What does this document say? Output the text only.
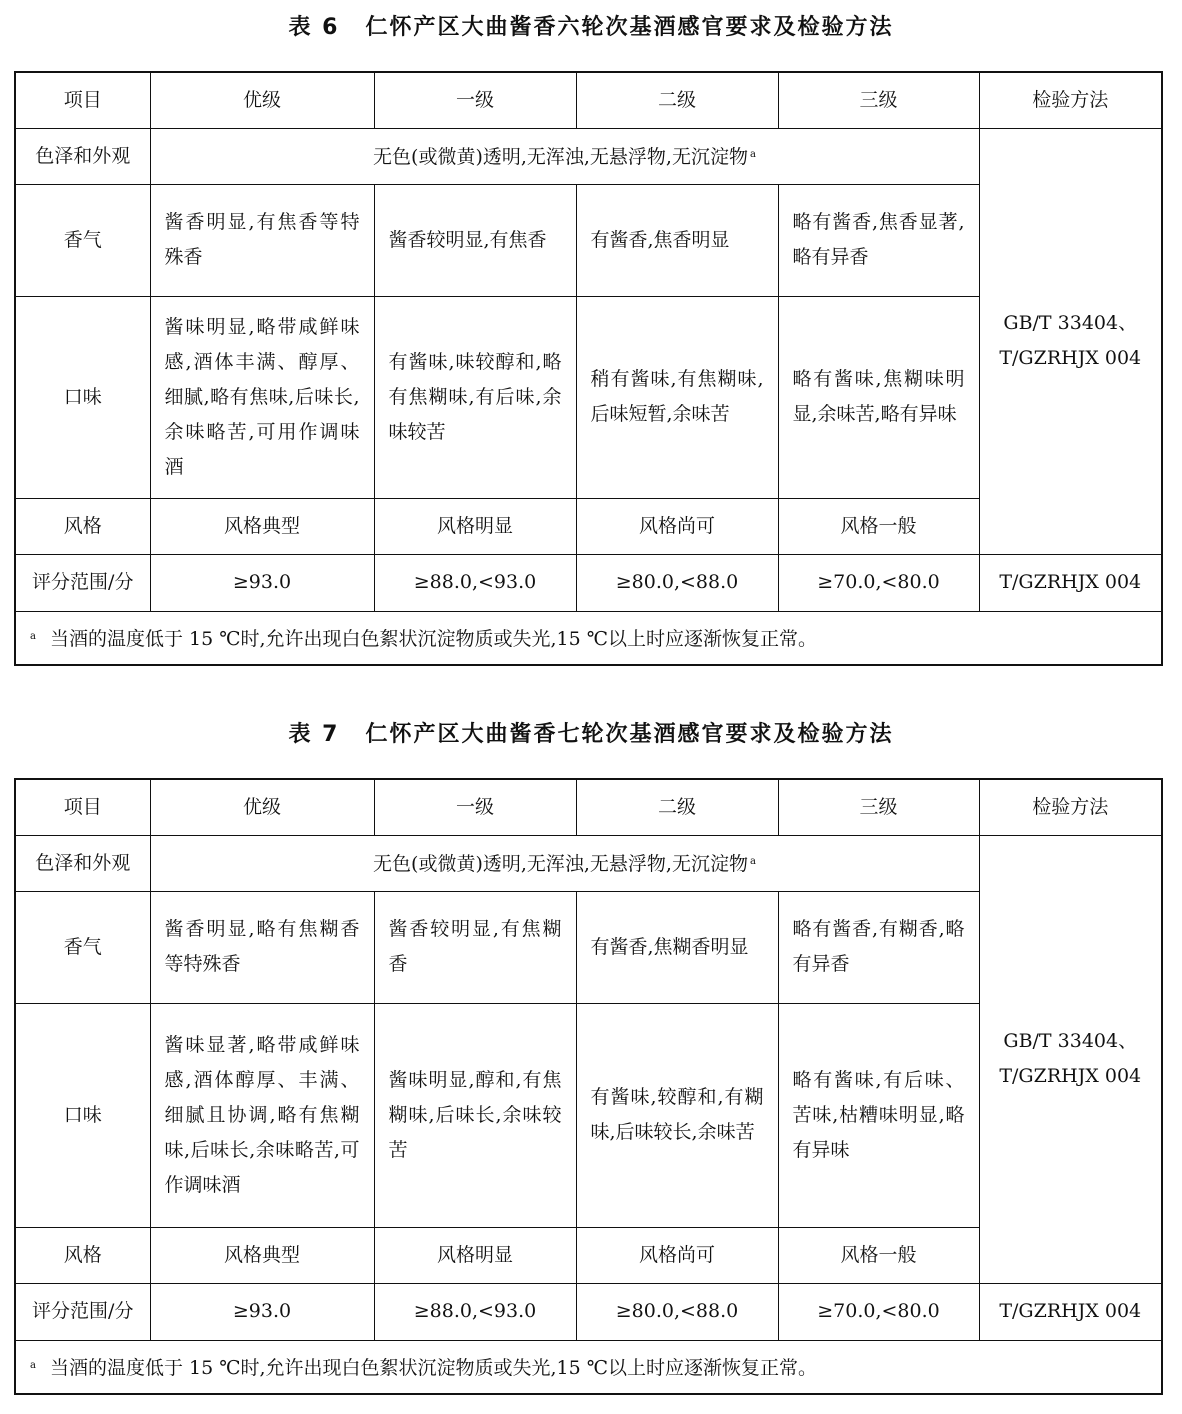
表 6 仁怀产区大曲酱香六轮次基酒感官要求及检验方法
项目	优级	一级	二级	三级	检验方法
色泽和外观	无色(或微黄)透明,无浑浊,无悬浮物,无沉淀物 $^a$				GB/T 33404、
T/GZRHJX 004

香气	酱香明显,有焦香等特殊香	酱香较明显,有焦香	有酱香,焦香明显	略有酱香,焦香显著,略有异香	
口味	酱味明显,略带咸鲜味感,酒体丰满、醇厚、细腻,略有焦味,后味长,余味略苦,可用作调味酒	有酱味,味较醇和,略有焦糊味,有后味,余味较苦	稍有酱味,有焦糊味,后味短暂,余味苦	略有酱味,焦糊味明显,余味苦,略有异味	
风格	风格典型	风格明显	风格尚可	风格一般	
评分范围/分	≥93.0	≥88.0,<93.0	≥80.0,<88.0	≥70.0,<80.0	T/GZRHJX 004
$^a$ 当酒的温度低于 15 ℃时,允许出现白色絮状沉淀物质或失光,15 ℃以上时应逐渐恢复正常。					
表 7 仁怀产区大曲酱香七轮次基酒感官要求及检验方法
项目	优级	一级	二级	三级	检验方法
色泽和外观	无色(或微黄)透明,无浑浊,无悬浮物,无沉淀物 $^a$				GB/T 33404、
T/GZRHJX 004

香气	酱香明显,略有焦糊香等特殊香	酱香较明显,有焦糊香	有酱香,焦糊香明显	略有酱香,有糊香,略有异香	
口味	酱味显著,略带咸鲜味感,酒体醇厚、丰满、细腻且协调,略有焦糊味,后味长,余味略苦,可作调味酒	酱味明显,醇和,有焦糊味,后味长,余味较苦	有酱味,较醇和,有糊味,后味较长,余味苦	略有酱味,有后味、苦味,枯糟味明显,略有异味	
风格	风格典型	风格明显	风格尚可	风格一般	
评分范围/分	≥93.0	≥88.0,<93.0	≥80.0,<88.0	≥70.0,<80.0	T/GZRHJX 004
$^a$ 当酒的温度低于 15 ℃时,允许出现白色絮状沉淀物质或失光,15 ℃以上时应逐渐恢复正常。					
